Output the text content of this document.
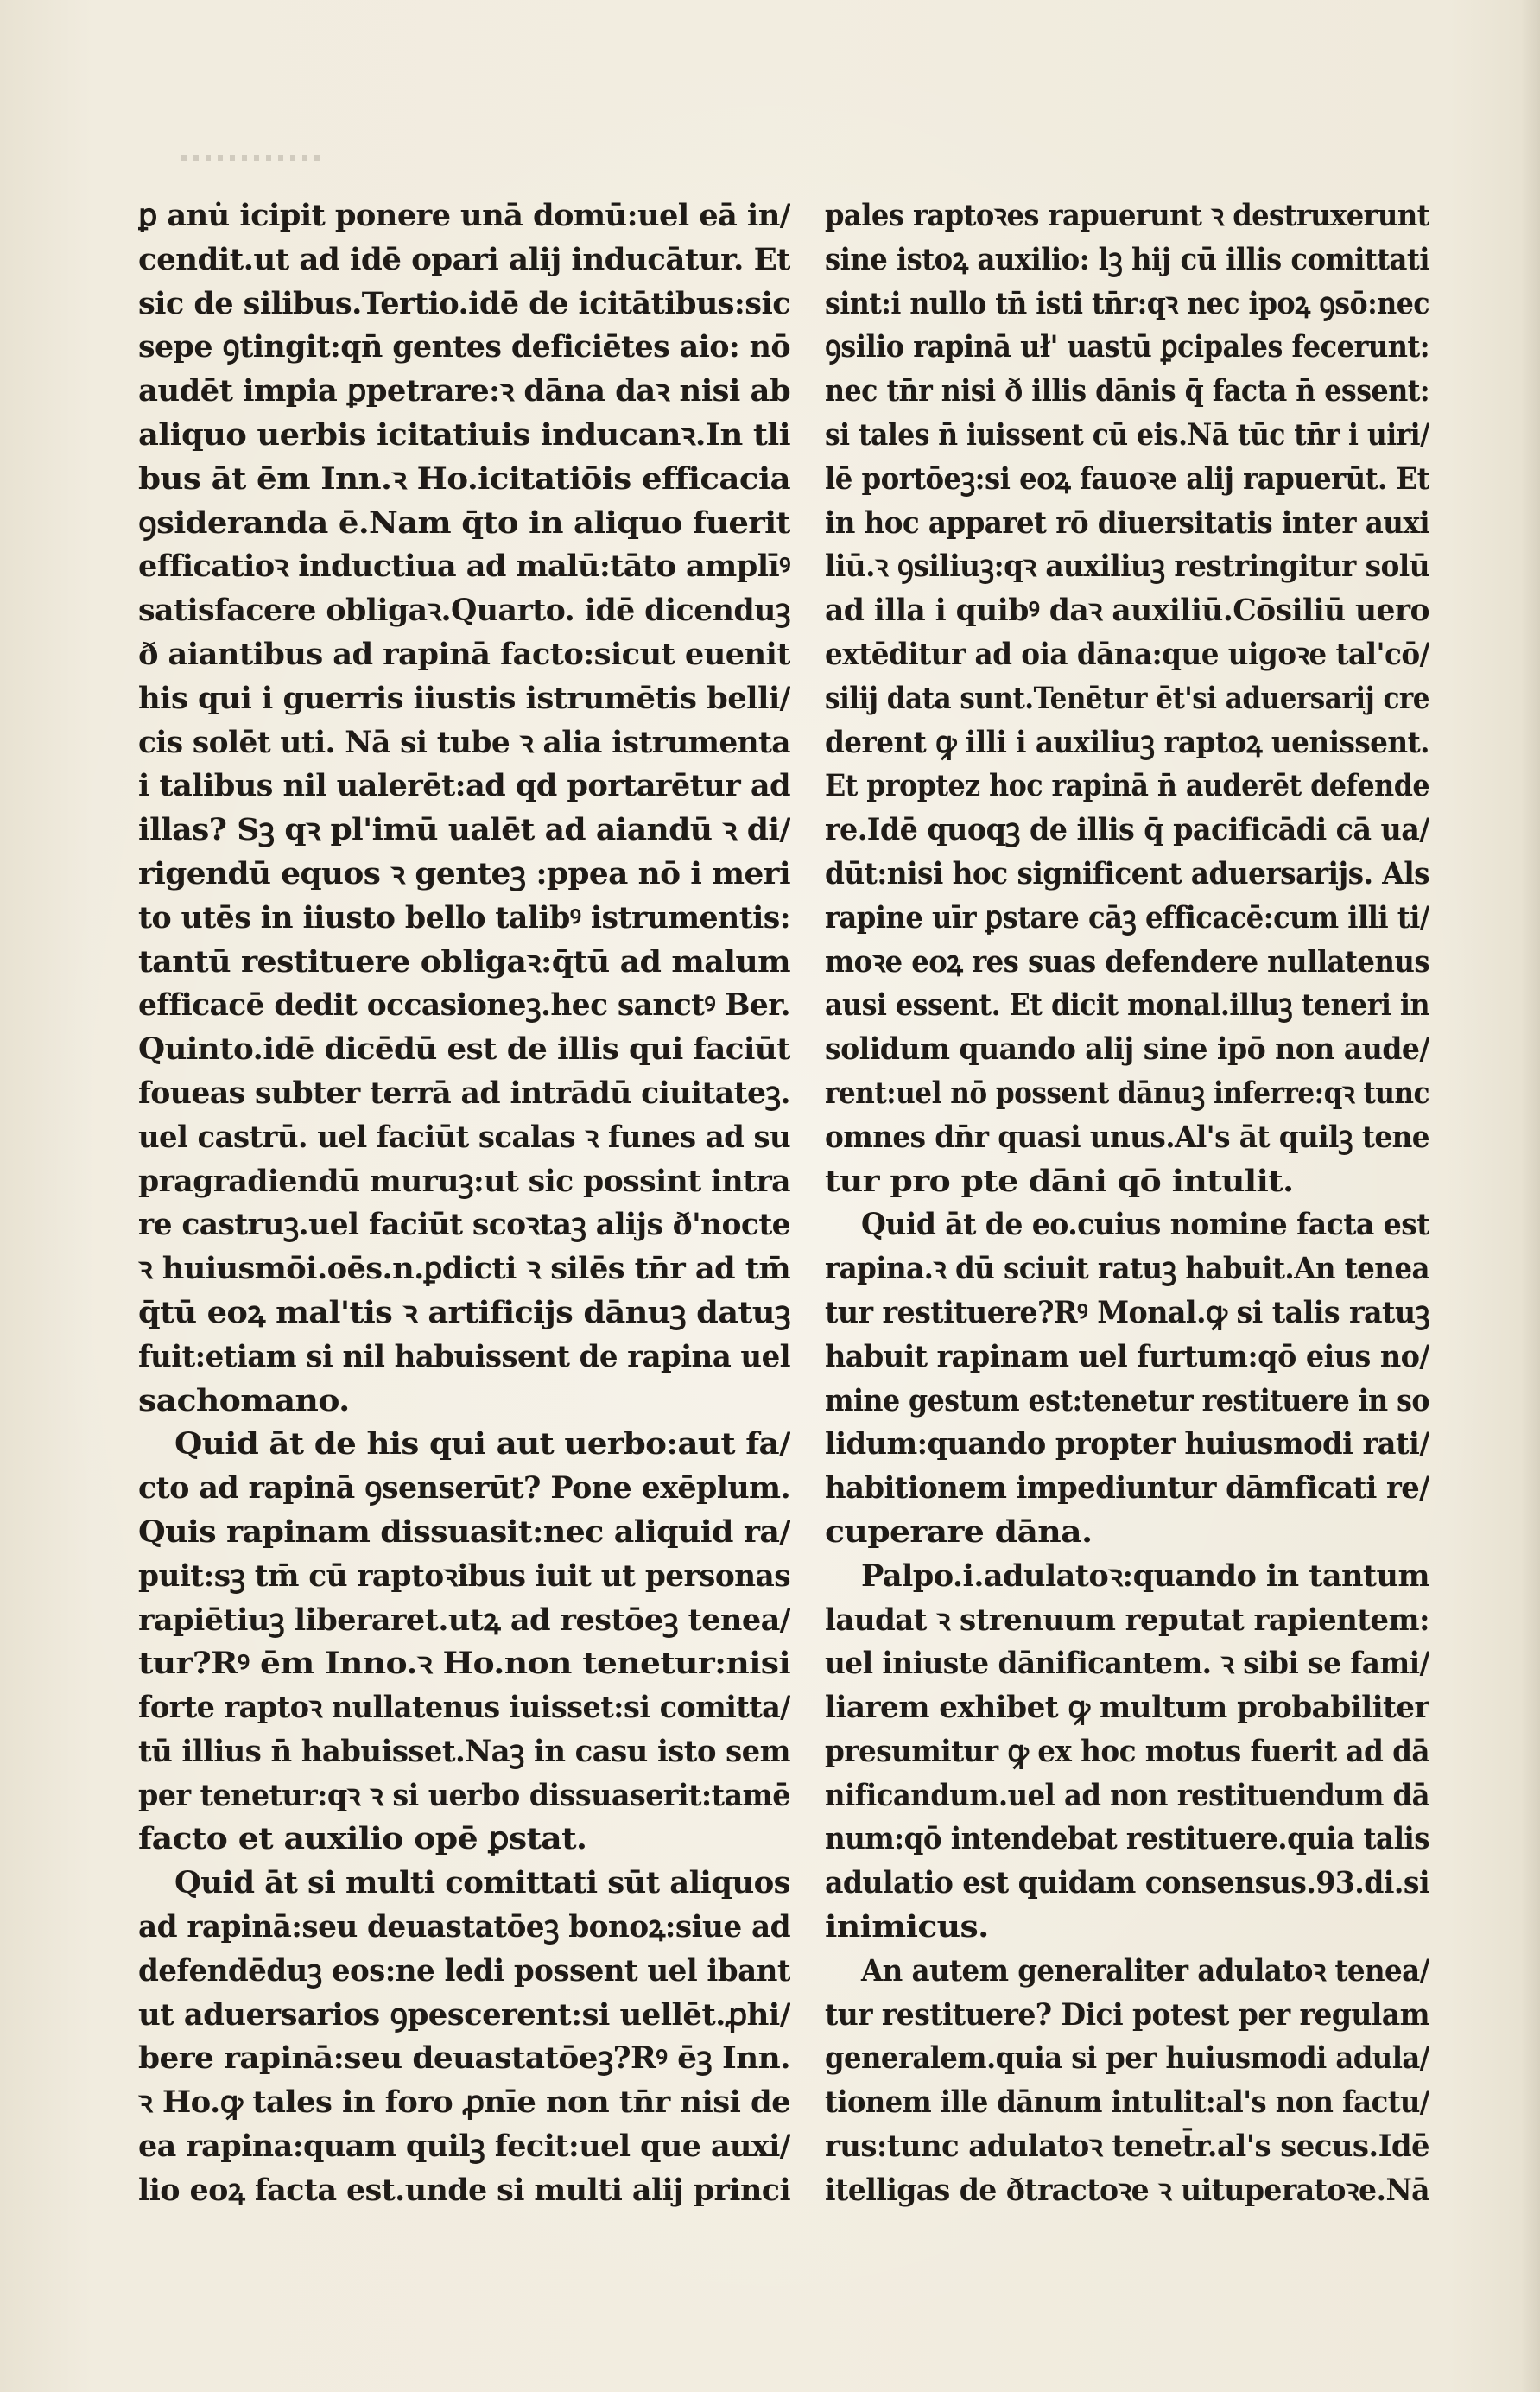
ꝑ anu̇ icipit ponere unā domū:uel eā in/
cendit.ut ad idē opari alij inducātur. Et
sic de silibus.Tertio.idē de icitātibus:sic
sepe ꝯtingit:qn̄ gentes deficiētes aio: nō
audēt impia ꝑpetrare:ꝛ dāna daꝛ nisi ab
aliquo uerbis icitatiuis inducanꝛ.In tli
bus āt ēm Inn.ꝛ Ho.icitatiōis efficacia
ꝯsideranda ē.Nam q̄to in aliquo fuerit
efficatioꝛ inductiua ad malū:tāto amplīꝰ
satisfacere obligaꝛ.Quarto. idē dicenduꝫ
ð aiantibus ad rapinā facto:sicut euenit
his qui i guerris iiustis istrumētis belli/
cis solēt uti. Nā si tube ꝛ alia istrumenta
i talibus nil ualerēt:ad qd portarētur ad
illas? Sꝫ qꝛ pl'imū ualēt ad aiandū ꝛ di/
rigendū equos ꝛ genteꝫ :ppea nō i meri
to utēs in iiusto bello talibꝰ istrumentis:
tantū restituere obligaꝛ:q̄tū ad malum
efficacē dedit occasioneꝫ.hec sanctꝰ Ber.
Quinto.idē dicēdū est de illis qui faciūt
foueas subter terrā ad intrādū ciuitateꝫ.
uel castrū. uel faciūt scalas ꝛ funes ad su
pragradiendū muruꝫ:ut sic possint intra
re castruꝫ.uel faciūt scoꝛtaꝫ alijs ð'nocte
ꝛ huiusmōi.oēs.n.ꝑdicti ꝛ silēs tn̄r ad tm̄
q̄tū eoꝝ mal'tis ꝛ artificijs dānuꝫ datuꝫ
fuit:etiam si nil habuissent de rapina uel
sachomano.
Quid āt de his qui aut uerbo:aut fa/
cto ad rapinā ꝯsenserūt? Pone exēplum.
Quis rapinam dissuasit:nec aliquid ra/
puit:sꝫ tm̄ cū raptoꝛibus iuit ut personas
rapiētiuꝫ liberaret.utꝝ ad restōeꝫ tenea/
tur?Rꝰ ēm Inno.ꝛ Ho.non tenetur:nisi
forte raptoꝛ nullatenus iuisset:si comitta/
tū illius n̄ habuisset.Naꝫ in casu isto sem
per tenetur:qꝛ ꝛ si uerbo dissuaserit:tamē
facto et auxilio opē ꝑstat.
Quid āt si multi comittati sūt aliquos
ad rapinā:seu deuastatōeꝫ bonoꝝ:siue ad
defendēduꝫ eos:ne ledi possent uel ibant
ut aduersarios ꝯpescerent:si uellēt.ꝓhi/
bere rapinā:seu deuastatōeꝫ?Rꝰ ēꝫ Inn.
ꝛ Ho.ꝙ tales in foro ꝓnīe non tn̄r nisi de
ea rapina:quam quilꝫ fecit:uel que auxi/
lio eoꝝ facta est.unde si multi alij princi
pales raptoꝛes rapuerunt ꝛ destruxerunt
sine istoꝝ auxilio: lꝫ hij cū illis comittati
sint:i nullo tn̄ isti tn̄r:qꝛ nec ipoꝝ ꝯsō:nec
ꝯsilio rapinā uł' uastū ꝑcipales fecerunt:
nec tn̄r nisi ð illis dānis q̄ facta n̄ essent:
si tales n̄ iuissent cū eis.Nā tūc tn̄r i uiri/
lē portōeꝫ:si eoꝝ fauoꝛe alij rapuerūt. Et
in hoc apparet rō diuersitatis inter auxi
liū.ꝛ ꝯsiliuꝫ:qꝛ auxiliuꝫ restringitur solū
ad illa i quibꝰ daꝛ auxiliū.Cōsiliū uero
extēditur ad oia dāna:que uigoꝛe tal'cō/
silij data sunt.Tenētur ēt'si aduersarij cre
derent ꝙ illi i auxiliuꝫ raptoꝝ uenissent.
Et proptez hoc rapinā n̄ auderēt defende
re.Idē quoqꝫ de illis q̄ pacificādi cā ua/
dūt:nisi hoc significent aduersarijs. Als
rapine uīr ꝑstare cāꝫ efficacē:cum illi ti/
moꝛe eoꝝ res suas defendere nullatenus
ausi essent. Et dicit monal.illuꝫ teneri in
solidum quando alij sine ipō non aude/
rent:uel nō possent dānuꝫ inferre:qꝛ tunc
omnes dn̄r quasi unus.Al's āt quilꝫ tene
tur pro pte dāni qō intulit.
Quid āt de eo.cuius nomine facta est
rapina.ꝛ dū sciuit ratuꝫ habuit.An tenea
tur restituere?Rꝰ Monal.ꝙ si talis ratuꝫ
habuit rapinam uel furtum:qō eius no/
mine gestum est:tenetur restituere in so
lidum:quando propter huiusmodi rati/
habitionem impediuntur dāmficati re/
cuperare dāna.
Palpo.i.adulatoꝛ:quando in tantum
laudat ꝛ strenuum reputat rapientem:
uel iniuste dānificantem. ꝛ sibi se fami/
liarem exhibet ꝙ multum probabiliter
presumitur ꝙ ex hoc motus fuerit ad dā
nificandum.uel ad non restituendum dā
num:qō intendebat restituere.quia talis
adulatio est quidam consensus.93.di.si
inimicus.
An autem generaliter adulatoꝛ tenea/
tur restituere? Dici potest per regulam
generalem.quia si per huiusmodi adula/
tionem ille dānum intulit:al's non factu/
rus:tunc adulatoꝛ tenet̄r.al's secus.Idē
itelligas de ðtractoꝛe ꝛ uituperatoꝛe.Nā
